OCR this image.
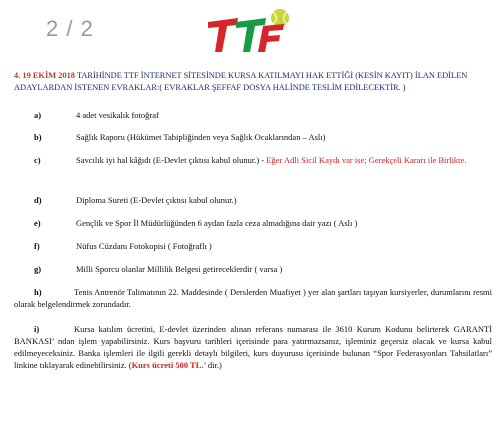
2 / 2
4. 19 EKİM 2018 TARİHİNDE TTF İNTERNET SİTESİNDE KURSA KATILMAYI HAK ETTİĞİ (KESİN KAYIT) İLAN EDİLEN ADAYLARDAN İSTENEN EVRAKLAR:( EVRAKLAR ŞEFFAF DOSYA HALİNDE TESLİM EDİLECEKTİR. )
a)	4 adet vesikalık fotoğraf
b)	Sağlık Raporu (Hükümet Tabipliğinden veya Sağlık Ocaklarından – Aslı)
c)	Savcılık iyi hal kâğıdı (E-Devlet çıktısı kabul olunur.) - Eğer Adli Sicil Kaydı var ise; Gerekçeli Kararı ile Birlikte.
d)	Diploma Sureti (E-Devlet çıktısı kabul olunur.)
e)	Gençlik ve Spor İl Müdürlüğünden 6 aydan fazla ceza almadığına dair yazı ( Aslı )
f)	Nüfus Cüzdanı Fotokopisi ( Fotoğraflı )
g)	Milli Sporcu olanlar Millilik Belgesi getireceklerdir ( varsa )
h)	Tenis Antrenör Talimatının 22. Maddesinde ( Derslerden Muafiyet ) yer alan şartları taşıyan kursiyerler, durumlarını resmi olarak belgelendirmek zorundadır.
i)	Kursa katılım ücretini, E-devlet üzerinden alınan referans numarası ile 3610 Kurum Kodunu belirterek GARANTİ BANKASI’ ndan işlem yapabilirsiniz. Kurs başvuru tarihleri içerisinde para yatırmazsanız, işleminiz geçersiz olacak ve kursa kabul edilmeyeceksiniz. Banka işlemleri ile ilgili gerekli detaylı bilgileri, kurs duyurusu içerisinde bulunan “Spor Federasyonları Tahsilatları” linkine tıklayarak edinebilirsiniz. (Kurs ücreti 500 TL.’ dir.)
